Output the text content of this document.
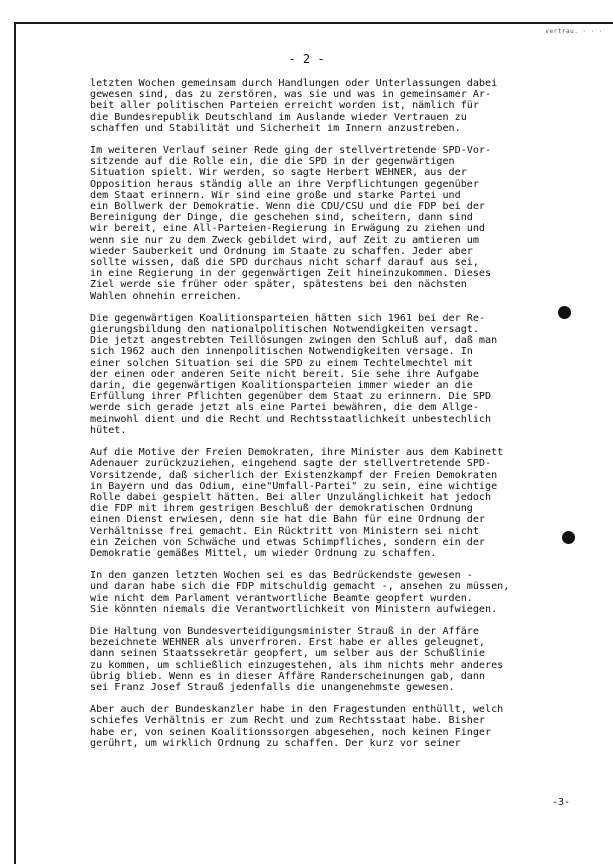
vertrau. · · ·
- 2 -
letzten Wochen gemeinsam durch Handlungen oder Unterlassungen dabei
gewesen sind, das zu zerstören, was sie und was in gemeinsamer Ar-
beit aller politischen Parteien erreicht worden ist, nämlich für
die Bundesrepublik Deutschland im Auslande wieder Vertrauen zu
schaffen und Stabilität und Sicherheit im Innern anzustreben.
Im weiteren Verlauf seiner Rede ging der stellvertretende SPD-Vor-
sitzende auf die Rolle ein, die die SPD in der gegenwärtigen
Situation spielt. Wir werden, so sagte Herbert WEHNER, aus der
Opposition heraus ständig alle an ihre Verpflichtungen gegenüber
dem Staat erinnern. Wir sind eine große und starke Partei und
ein Bollwerk der Demokratie. Wenn die CDU/CSU und die FDP bei der
Bereinigung der Dinge, die geschehen sind, scheitern, dann sind
wir bereit, eine All-Parteien-Regierung in Erwägung zu ziehen und
wenn sie nur zu dem Zweck gebildet wird, auf Zeit zu amtieren um
wieder Sauberkeit und Ordnung im Staate zu schaffen. Jeder aber
sollte wissen, daß die SPD durchaus nicht scharf darauf aus sei,
in eine Regierung in der gegenwärtigen Zeit hineinzukommen. Dieses
Ziel werde sie früher oder später, spätestens bei den nächsten
Wahlen ohnehin erreichen.
Die gegenwärtigen Koalitionsparteien hätten sich 1961 bei der Re-
gierungsbildung den nationalpolitischen Notwendigkeiten versagt.
Die jetzt angestrebten Teillösungen zwingen den Schluß auf, daß man
sich 1962 auch den innenpolitischen Notwendigkeiten versage. In
einer solchen Situation sei die SPD zu einem Techtelmechtel mit
der einen oder anderen Seite nicht bereit. Sie sehe ihre Aufgabe
darin, die gegenwärtigen Koalitionsparteien immer wieder an die
Erfüllung ihrer Pflichten gegenüber dem Staat zu erinnern. Die SPD
werde sich gerade jetzt als eine Partei bewähren, die dem Allge-
meinwohl dient und die Recht und Rechtsstaatlichkeit unbestechlich
hütet.
Auf die Motive der Freien Demokraten, ihre Minister aus dem Kabinett
Adenauer zurückzuziehen, eingehend sagte der stellvertretende SPD-
Vorsitzende, daß sicherlich der Existenzkampf der Freien Demokraten
in Bayern und das Odium, eine"Umfall-Partei" zu sein, eine wichtige
Rolle dabei gespielt hätten. Bei aller Unzulänglichkeit hat jedoch
die FDP mit ihrem gestrigen Beschluß der demokratischen Ordnung
einen Dienst erwiesen, denn sie hat die Bahn für eine Ordnung der
Verhältnisse frei gemacht. Ein Rücktritt von Ministern sei nicht
ein Zeichen von Schwäche und etwas Schimpfliches, sondern ein der
Demokratie gemäßes Mittel, um wieder Ordnung zu schaffen.
In den ganzen letzten Wochen sei es das Bedrückendste gewesen -
und daran habe sich die FDP mitschuldig gemacht -, ansehen zu müssen,
wie nicht dem Parlament verantwortliche Beamte geopfert wurden.
Sie könnten niemals die Verantwortlichkeit von Ministern aufwiegen.
Die Haltung von Bundesverteidigungsminister Strauß in der Affäre
bezeichnete WEHNER als unverfroren. Erst habe er alles geleugnet,
dann seinen Staatssekretär geopfert, um selber aus der Schußlinie
zu kommen, um schließlich einzugestehen, als ihm nichts mehr anderes
übrig blieb. Wenn es in dieser Affäre Randerscheinungen gab, dann
sei Franz Josef Strauß jedenfalls die unangenehmste gewesen.
Aber auch der Bundeskanzler habe in den Fragestunden enthüllt, welch
schiefes Verhältnis er zum Recht und zum Rechtsstaat habe. Bisher
habe er, von seinen Koalitionssorgen abgesehen, noch keinen Finger
gerührt, um wirklich Ordnung zu schaffen. Der kurz vor seiner
-3-
